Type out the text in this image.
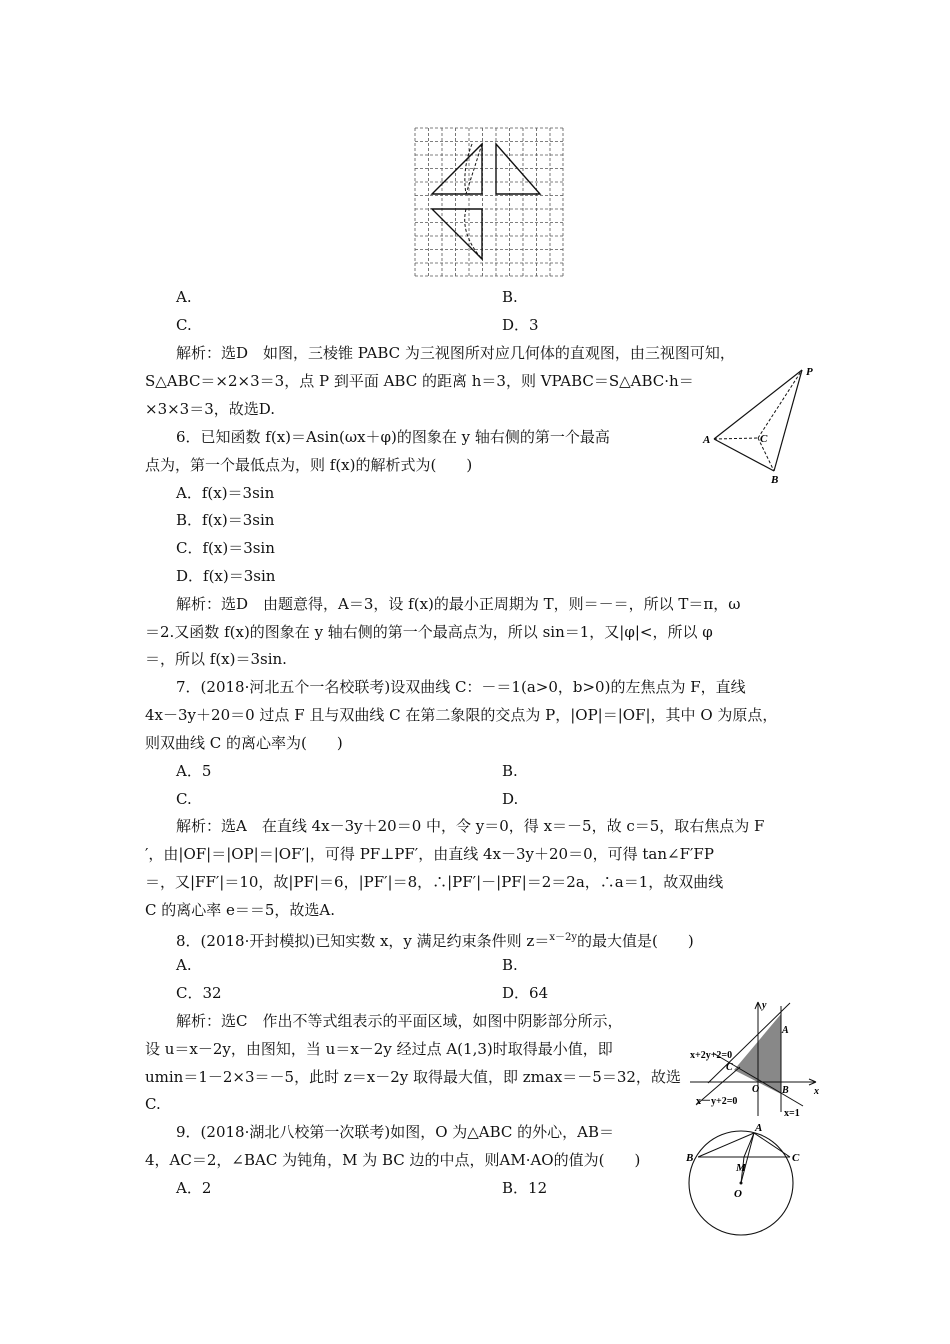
A.	B.
C.	D．3
解析：选D　如图，三棱锥 PABC 为三视图所对应几何体的直观图，由三视图可知，
S△ABC＝×2×3＝3，点 P 到平面 ABC 的距离 h＝3，则 VPABC＝S△ABC·h＝
×3×3＝3，故选D.
P
A	C
B
6．已知函数 f(x)＝Asin(ωx＋φ)的图象在 y 轴右侧的第一个最高
点为，第一个最低点为，则 f(x)的解析式为(　　)
A．f(x)＝3sin
B．f(x)＝3sin
C．f(x)＝3sin
D．f(x)＝3sin
解析：选D　由题意得，A＝3，设 f(x)的最小正周期为 T，则＝－＝，所以 T＝π，ω
＝2.又函数 f(x)的图象在 y 轴右侧的第一个最高点为，所以 sin＝1，又|φ|<，所以 φ
＝，所以 f(x)＝3sin.
7．(2018·河北五个一名校联考)设双曲线 C：－＝1(a>0，b>0)的左焦点为 F，直线
4x－3y＋20＝0 过点 F 且与双曲线 C 在第二象限的交点为 P，|OP|＝|OF|，其中 O 为原点，
则双曲线 C 的离心率为(　　)
A．5	B.
C.	D.
解析：选A　在直线 4x－3y＋20＝0 中，令 y＝0，得 x＝－5，故 c＝5，取右焦点为 F
′，由|OF|＝|OP|＝|OF′|，可得 PF⊥PF′，由直线 4x－3y＋20＝0，可得 tan∠F′FP
＝，又|FF′|＝10，故|PF|＝6，|PF′|＝8，∴|PF′|－|PF|＝2＝2a，∴a＝1，故双曲线
C 的离心率 e＝＝5，故选A.
8．(2018·开封模拟)已知实数 x，y 满足约束条件则 z＝$^{x-2y}$的最大值是(　　)
A.	B.
C．32	D．64
解析：选C　作出不等式组表示的平面区域，如图中阴影部分所示，
设 u＝x－2y，由图知，当 u＝x－2y 经过点 A(1,3)时取得最小值，即
umin＝1－2×3＝－5，此时 z＝x－2y 取得最大值，即 zmax＝－5＝32，故选
C.
y
x
A
C
O B
x+2y+2=0
x－y+2=0
x=1
9．(2018·湖北八校第一次联考)如图，O 为△ABC 的外心，AB＝
4，AC＝2，∠BAC 为钝角，M 为 BC 边的中点，则AM·AO的值为(　　)
A．2	B．12
A
B	C
M
O
